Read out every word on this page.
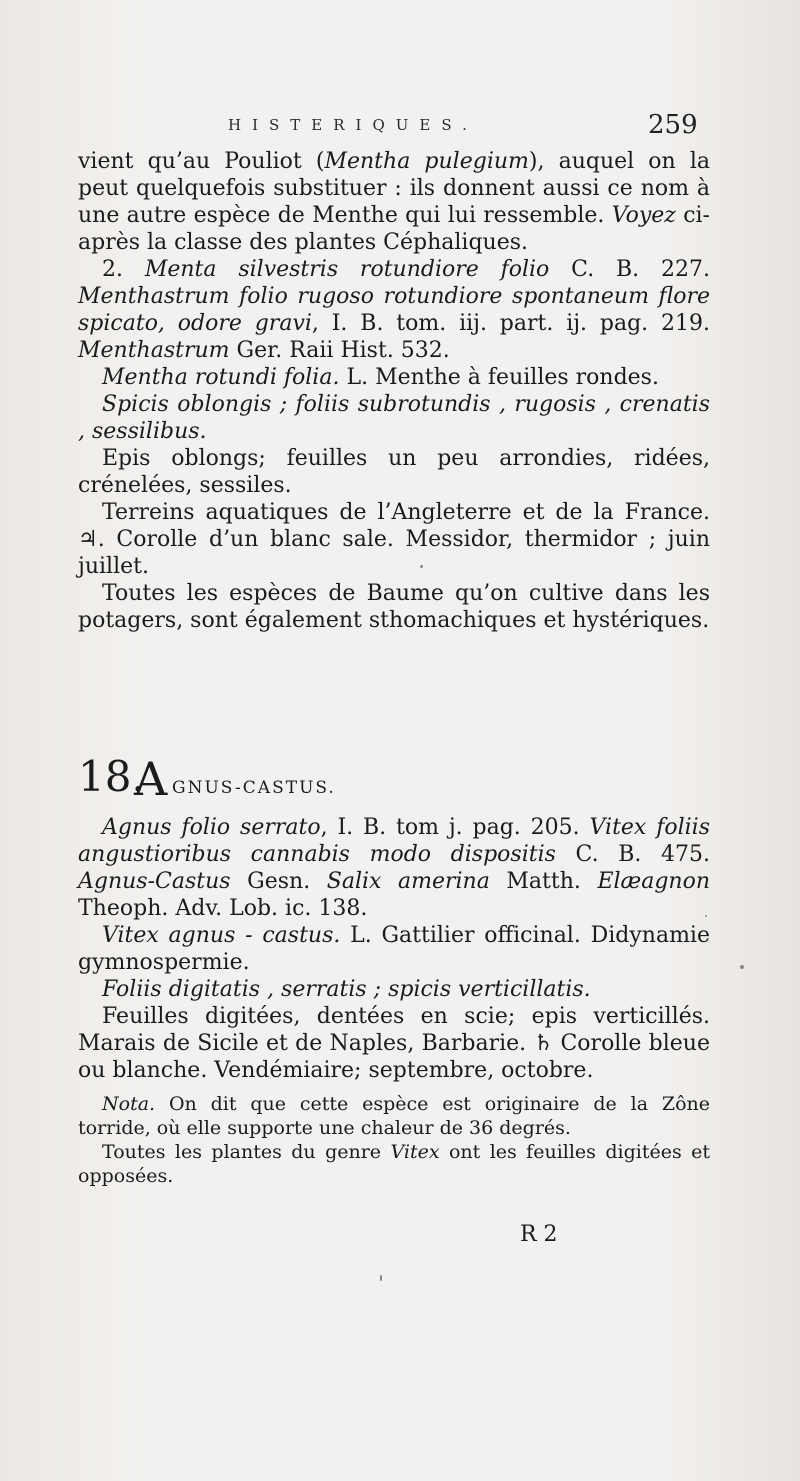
HISTERIQUES.	259

vient qu’au Pouliot (Mentha pulegium), auquel on la peut quelquefois substituer : ils donnent aussi ce nom à une autre espèce de Menthe qui lui ressemble. Voyez ci-après la classe des plantes Céphaliques.

2. Menta silvestris rotundiore folio C. B. 227. Menthastrum folio rugoso rotundiore spontaneum flore spicato, odore gravi, I. B. tom. iij. part. ij. pag. 219. Menthastrum Ger. Raii Hist. 532.

Mentha rotundi folia. L. Menthe à feuilles rondes.

Spicis oblongis ; foliis subrotundis , rugosis , crenatis , sessilibus.

Epis oblongs; feuilles un peu arrondies, ridées, crénelées, sessiles.

Terreins aquatiques de l’Angleterre et de la France. ♃. Corolle d’un blanc sale. Messidor, thermidor ; juin juillet.

Toutes les espèces de Baume qu’on cultive dans les potagers, sont également sthomachiques et hystériques.

18.
A GNUS-CASTUS.

Agnus folio serrato, I. B. tom j. pag. 205. Vitex foliis angustioribus cannabis modo dispositis C. B. 475. Agnus-Castus Gesn. Salix amerina Matth. Elæagnon Theoph. Adv. Lob. ic. 138.

Vitex agnus - castus. L. Gattilier officinal. Didynamie gymnospermie.

Foliis digitatis , serratis ; spicis verticillatis.

Feuilles digitées, dentées en scie; epis verticillés. Marais de Sicile et de Naples, Barbarie. ♄ Corolle bleue ou blanche. Vendémiaire; septembre, octobre.

Nota. On dit que cette espèce est originaire de la Zône torride, où elle supporte une chaleur de 36 degrés.

Toutes les plantes du genre Vitex ont les feuilles digitées et opposées.

R 2
